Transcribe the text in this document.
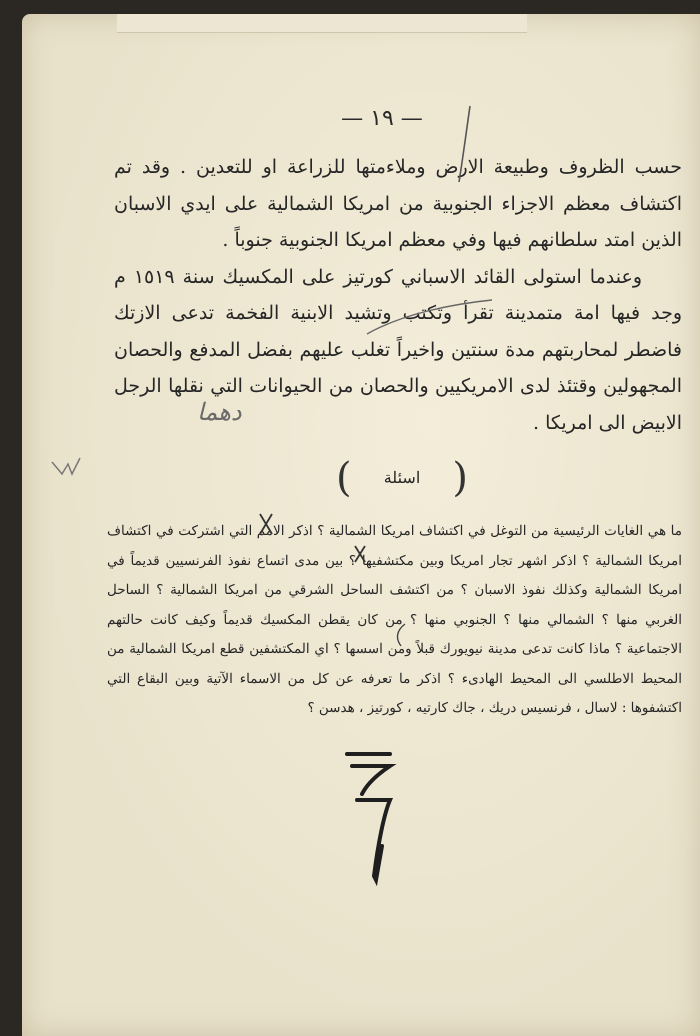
— ١٩ —

حسب الظروف وطبيعة الارض وملاءمتها للزراعة او للتعدين . وقد تم اكتشاف معظم الاجزاء الجنوبية من امريكا الشمالية على ايدي الاسبان الذين امتد سلطانهم فيها وفي معظم امريكا الجنوبية جنوباً .

وعندما استولى القائد الاسباني كورتيز على المكسيك سنة ١٥١٩ م وجد فيها امة متمدينة تقرأ وتكتب وتشيد الابنية الفخمة تدعى الازتك فاضطر لمحاربتهم مدة سنتين واخيراً تغلب عليهم بفضل المدفع والحصان المجهولين وقتئذ لدى الامريكيين والحصان من الحيوانات التي نقلها الرجل الابيض الى امريكا .

(
اسئلة
)

ما هي الغايات الرئيسية من التوغل في اكتشاف امريكا الشمالية ؟ اذكر الامم التي اشتركت في اكتشاف امريكا الشمالية ؟ اذكر اشهر تجار امريكا وبين مكتشفيها ؟ بين مدى اتساع نفوذ الفرنسيين قديماً في امريكا الشمالية وكذلك نفوذ الاسبان ؟ من اكتشف الساحل الشرقي من امريكا الشمالية ؟ الساحل الغربي منها ؟ الشمالي منها ؟ الجنوبي منها ؟ من كان يقطن المكسيك قديماً وكيف كانت حالتهم الاجتماعية ؟ ماذا كانت تدعى مدينة نيويورك قبلاً ومن اسسها ؟ اي المكتشفين قطع امريكا الشمالية من المحيط الاطلسي الى المحيط الهادىء ؟ اذكر ما تعرفه عن كل من الاسماء الآتية وبين البقاع التي اكتشفوها : لاسال ، فرنسيس دريك ، جاك كارتيه ، كورتيز ، هدسن ؟

دهما
